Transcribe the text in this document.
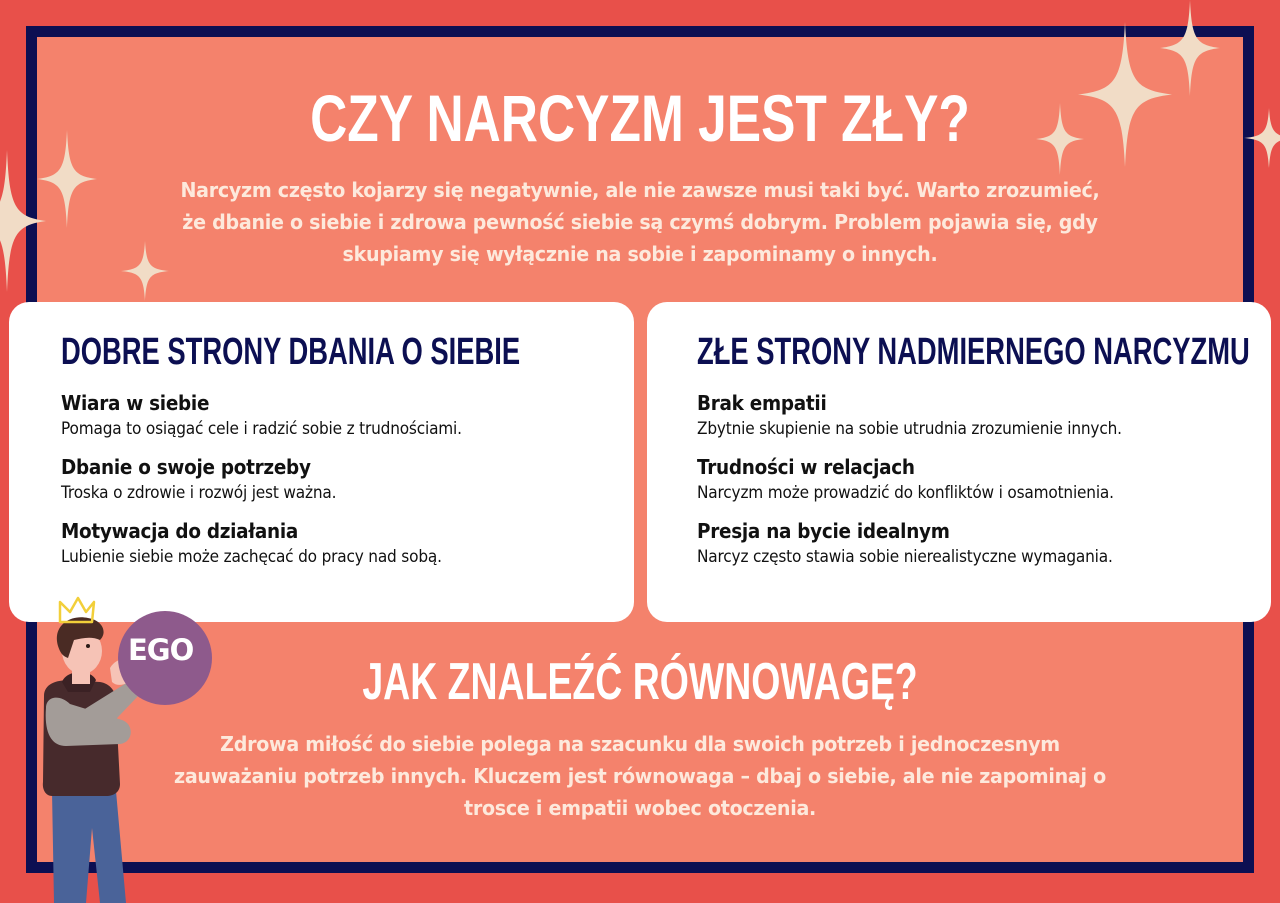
CZY NARCYZM JEST ZŁY?

Narcyzm często kojarzy się negatywnie, ale nie zawsze musi taki być. Warto zrozumieć, że dbanie o siebie i zdrowa pewność siebie są czymś dobrym. Problem pojawia się, gdy skupiamy się wyłącznie na sobie i zapominamy o innych.

DOBRE STRONY DBANIA O SIEBIE
Wiara w siebie
Pomaga to osiągać cele i radzić sobie z trudnościami.
Dbanie o swoje potrzeby
Troska o zdrowie i rozwój jest ważna.
Motywacja do działania
Lubienie siebie może zachęcać do pracy nad sobą.
ZŁE STRONY NADMIERNEGO NARCYZMU
Brak empatii
Zbytnie skupienie na sobie utrudnia zrozumienie innych.
Trudności w relacjach
Narcyzm może prowadzić do konfliktów i osamotnienia.
Presja na bycie idealnym
Narcyz często stawia sobie nierealistyczne wymagania.
JAK ZNALEŹĆ RÓWNOWAGĘ?

Zdrowa miłość do siebie polega na szacunku dla swoich potrzeb i jednoczesnym zauważaniu potrzeb innych. Kluczem jest równowaga – dbaj o siebie, ale nie zapominaj o trosce i empatii wobec otoczenia.

EGO
